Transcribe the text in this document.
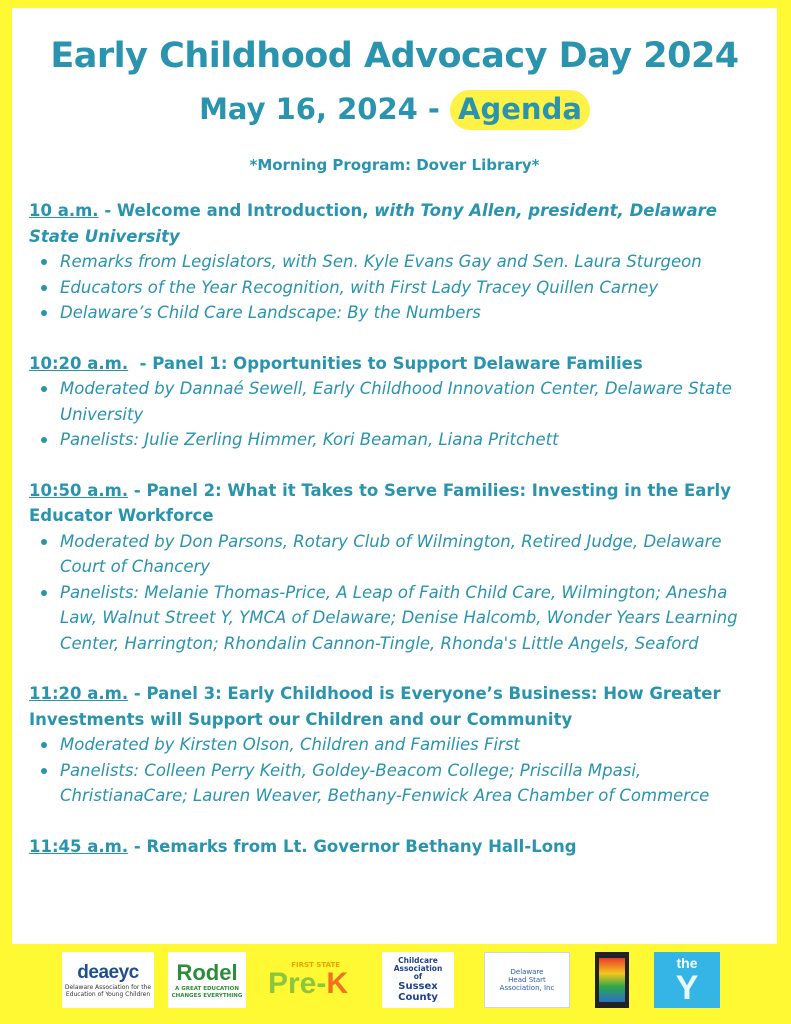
Early Childhood Advocacy Day 2024
May 16, 2024 - Agenda
*Morning Program: Dover Library*
10 a.m. - Welcome and Introduction, with Tony Allen, president, Delaware State University
Remarks from Legislators, with Sen. Kyle Evans Gay and Sen. Laura Sturgeon
Educators of the Year Recognition, with First Lady Tracey Quillen Carney
Delaware’s Child Care Landscape: By the Numbers
10:20 a.m.  - Panel 1: Opportunities to Support Delaware Families
Moderated by Dannaé Sewell, Early Childhood Innovation Center, Delaware State University
Panelists: Julie Zerling Himmer, Kori Beaman, Liana Pritchett
10:50 a.m. - Panel 2: What it Takes to Serve Families: Investing in the Early Educator Workforce
Moderated by Don Parsons, Rotary Club of Wilmington, Retired Judge, Delaware Court of Chancery
Panelists: Melanie Thomas-Price, A Leap of Faith Child Care, Wilmington; Anesha Law, Walnut Street Y, YMCA of Delaware; Denise Halcomb, Wonder Years Learning Center, Harrington; Rhondalin Cannon-Tingle, Rhonda's Little Angels, Seaford
11:20 a.m. - Panel 3: Early Childhood is Everyone’s Business: How Greater Investments will Support our Children and our Community
Moderated by Kirsten Olson, Children and Families First
Panelists: Colleen Perry Keith, Goldey-Beacom College; Priscilla Mpasi, ChristianaCare; Lauren Weaver, Bethany-Fenwick Area Chamber of Commerce
11:45 a.m. - Remarks from Lt. Governor Bethany Hall-Long
deaeyc
Delaware Association for the Education of Young Children
Rodel
A GREAT EDUCATION CHANGES EVERYTHING
FIRST STATE
Pre-K
Childcare Association
of
Sussex
County
Delaware
Head Start
Association, Inc
the
Y
